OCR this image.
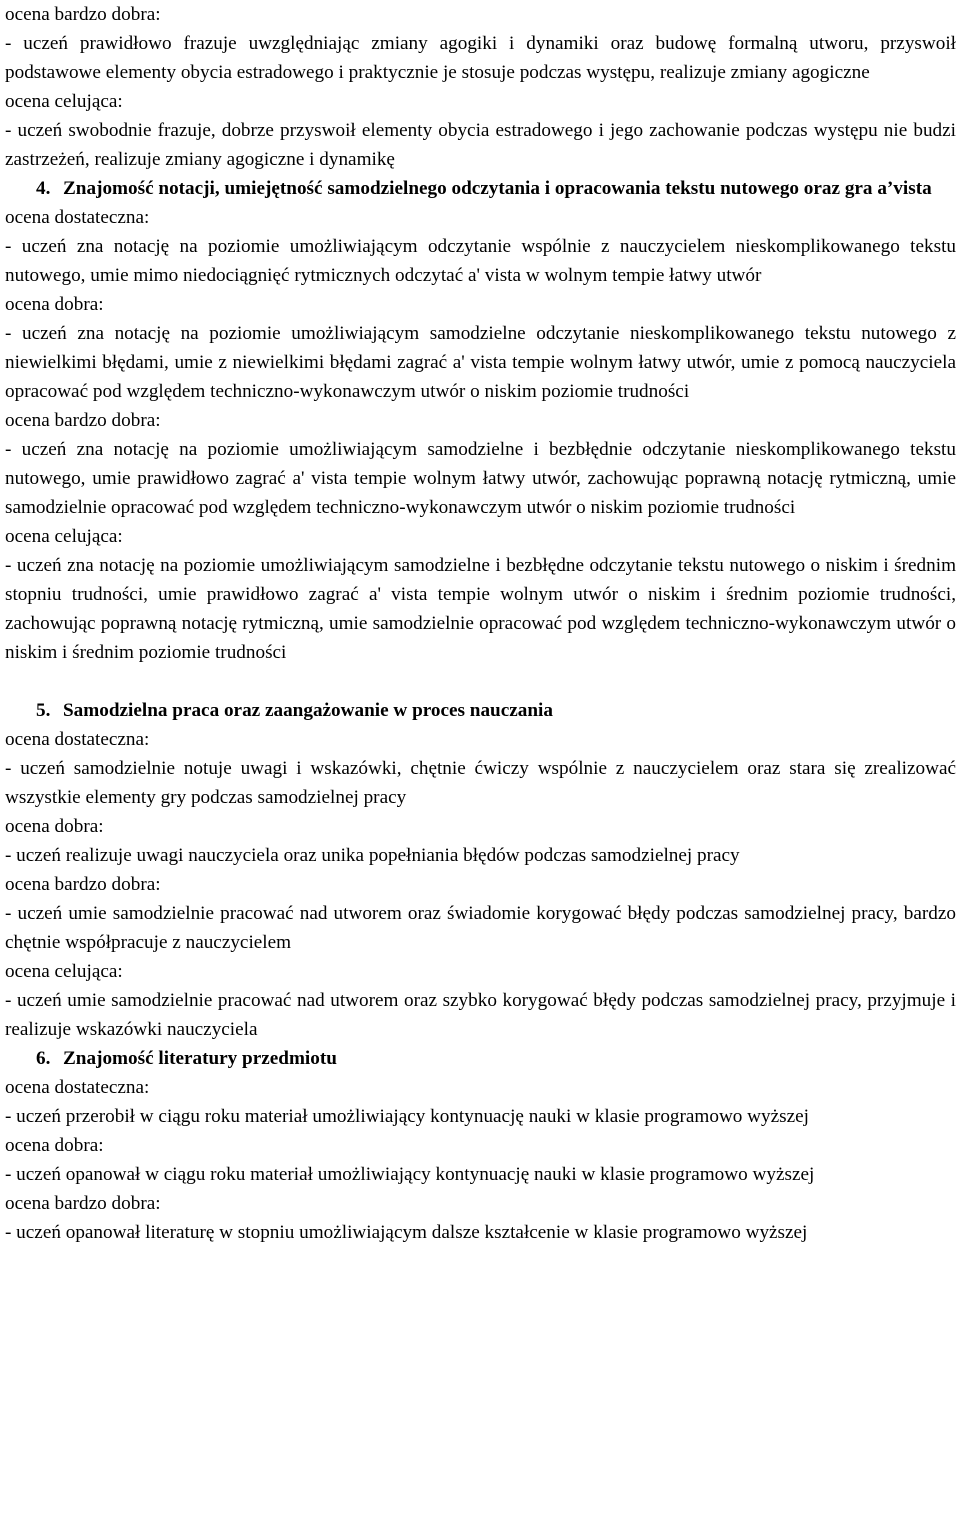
ocena bardzo dobra:
- uczeń prawidłowo frazuje uwzględniając zmiany agogiki i dynamiki oraz budowę formalną utworu, przyswoił podstawowe elementy obycia estradowego i praktycznie je stosuje podczas występu, realizuje zmiany agogiczne
ocena celująca:
- uczeń swobodnie frazuje, dobrze przyswoił elementy obycia estradowego i jego zachowanie podczas występu nie budzi zastrzeżeń, realizuje zmiany agogiczne i dynamikę
4. Znajomość notacji, umiejętność samodzielnego odczytania i opracowania tekstu nutowego oraz gra a’vista
ocena dostateczna:
- uczeń zna notację na poziomie umożliwiającym odczytanie wspólnie z nauczycielem nieskomplikowanego tekstu nutowego, umie mimo niedociągnięć rytmicznych odczytać a' vista w wolnym tempie łatwy utwór
ocena dobra:
- uczeń zna notację na poziomie umożliwiającym samodzielne odczytanie nieskomplikowanego tekstu nutowego z niewielkimi błędami, umie z niewielkimi błędami zagrać a' vista tempie wolnym łatwy utwór, umie z pomocą nauczyciela opracować pod względem techniczno-wykonawczym utwór o niskim poziomie trudności
ocena bardzo dobra:
- uczeń zna notację na poziomie umożliwiającym samodzielne i bezbłędnie odczytanie nieskomplikowanego tekstu nutowego, umie prawidłowo zagrać a' vista tempie wolnym łatwy utwór, zachowując poprawną notację rytmiczną, umie samodzielnie opracować pod względem techniczno-wykonawczym utwór o niskim poziomie trudności
ocena celująca:
- uczeń zna notację na poziomie umożliwiającym samodzielne i bezbłędne odczytanie tekstu nutowego o niskim i średnim stopniu trudności, umie prawidłowo zagrać a' vista tempie wolnym utwór o niskim i średnim poziomie trudności, zachowując poprawną notację rytmiczną, umie samodzielnie opracować pod względem techniczno-wykonawczym utwór o niskim i średnim poziomie trudności
5. Samodzielna praca oraz zaangażowanie w proces nauczania
ocena dostateczna:
- uczeń samodzielnie notuje uwagi i wskazówki, chętnie ćwiczy wspólnie z nauczycielem oraz stara się zrealizować wszystkie elementy gry podczas samodzielnej pracy
ocena dobra:
- uczeń realizuje uwagi nauczyciela oraz unika popełniania błędów podczas samodzielnej pracy
ocena bardzo dobra:
- uczeń umie samodzielnie pracować nad utworem oraz świadomie korygować błędy podczas samodzielnej pracy, bardzo chętnie współpracuje z nauczycielem
ocena celująca:
- uczeń umie samodzielnie pracować nad utworem oraz szybko korygować błędy podczas samodzielnej pracy, przyjmuje i realizuje wskazówki nauczyciela
6. Znajomość literatury przedmiotu
ocena dostateczna:
- uczeń przerobił w ciągu roku materiał umożliwiający kontynuację nauki w klasie programowo wyższej
ocena dobra:
- uczeń opanował w ciągu roku materiał umożliwiający kontynuację nauki w klasie programowo wyższej
ocena bardzo dobra:
- uczeń opanował literaturę w stopniu umożliwiającym dalsze kształcenie w klasie programowo wyższej
